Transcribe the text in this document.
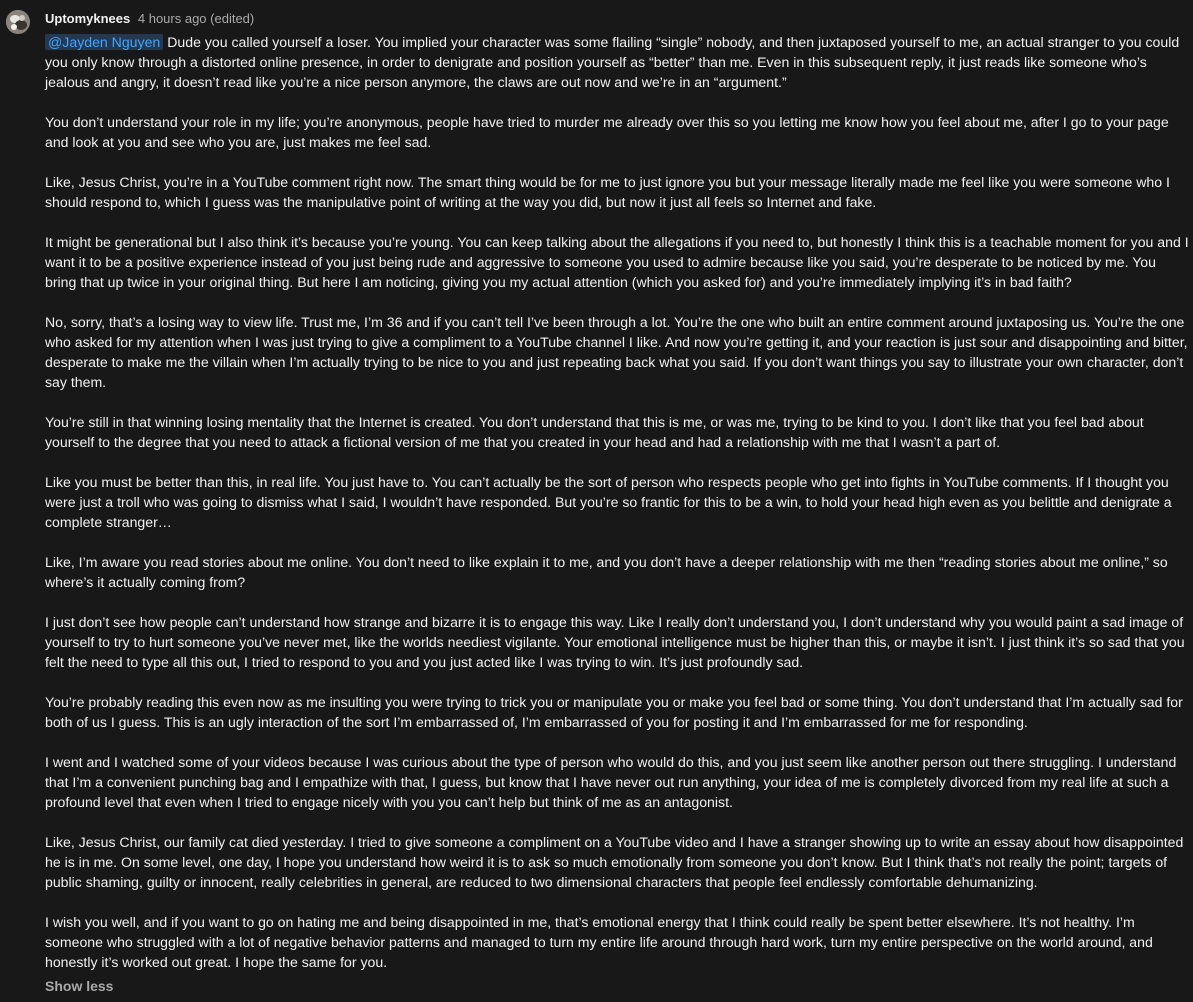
Uptomyknees 4 hours ago (edited)

@Jayden Nguyen Dude you called yourself a loser. You implied your character was some flailing “single” nobody, and then juxtaposed yourself to me, an actual stranger to you could you only know through a distorted online presence, in order to denigrate and position yourself as “better” than me. Even in this subsequent reply, it just reads like someone who’s jealous and angry, it doesn’t read like you’re a nice person anymore, the claws are out now and we’re in an “argument.”

You don’t understand your role in my life; you’re anonymous, people have tried to murder me already over this so you letting me know how you feel about me, after I go to your page and look at you and see who you are, just makes me feel sad.

Like, Jesus Christ, you’re in a YouTube comment right now. The smart thing would be for me to just ignore you but your message literally made me feel like you were someone who I should respond to, which I guess was the manipulative point of writing at the way you did, but now it just all feels so Internet and fake.

It might be generational but I also think it’s because you’re young. You can keep talking about the allegations if you need to, but honestly I think this is a teachable moment for you and I want it to be a positive experience instead of you just being rude and aggressive to someone you used to admire because like you said, you’re desperate to be noticed by me. You bring that up twice in your original thing. But here I am noticing, giving you my actual attention (which you asked for) and you’re immediately implying it’s in bad faith?

No, sorry, that’s a losing way to view life. Trust me, I’m 36 and if you can’t tell I’ve been through a lot. You’re the one who built an entire comment around juxtaposing us. You’re the one who asked for my attention when I was just trying to give a compliment to a YouTube channel I like. And now you’re getting it, and your reaction is just sour and disappointing and bitter, desperate to make me the villain when I’m actually trying to be nice to you and just repeating back what you said. If you don’t want things you say to illustrate your own character, don’t say them.

You’re still in that winning losing mentality that the Internet is created. You don’t understand that this is me, or was me, trying to be kind to you. I don’t like that you feel bad about yourself to the degree that you need to attack a fictional version of me that you created in your head and had a relationship with me that I wasn’t a part of.

Like you must be better than this, in real life. You just have to. You can’t actually be the sort of person who respects people who get into fights in YouTube comments. If I thought you were just a troll who was going to dismiss what I said, I wouldn’t have responded. But you’re so frantic for this to be a win, to hold your head high even as you belittle and denigrate a complete stranger…

Like, I’m aware you read stories about me online. You don’t need to like explain it to me, and you don’t have a deeper relationship with me then “reading stories about me online,” so where’s it actually coming from?

I just don’t see how people can’t understand how strange and bizarre it is to engage this way. Like I really don’t understand you, I don’t understand why you would paint a sad image of yourself to try to hurt someone you’ve never met, like the worlds neediest vigilante. Your emotional intelligence must be higher than this, or maybe it isn’t. I just think it’s so sad that you felt the need to type all this out, I tried to respond to you and you just acted like I was trying to win. It’s just profoundly sad.

You’re probably reading this even now as me insulting you were trying to trick you or manipulate you or make you feel bad or some thing. You don’t understand that I’m actually sad for both of us I guess. This is an ugly interaction of the sort I’m embarrassed of, I’m embarrassed of you for posting it and I’m embarrassed for me for responding.

I went and I watched some of your videos because I was curious about the type of person who would do this, and you just seem like another person out there struggling. I understand that I’m a convenient punching bag and I empathize with that, I guess, but know that I have never out run anything, your idea of me is completely divorced from my real life at such a profound level that even when I tried to engage nicely with you you can’t help but think of me as an antagonist.

Like, Jesus Christ, our family cat died yesterday. I tried to give someone a compliment on a YouTube video and I have a stranger showing up to write an essay about how disappointed he is in me. On some level, one day, I hope you understand how weird it is to ask so much emotionally from someone you don’t know. But I think that’s not really the point; targets of public shaming, guilty or innocent, really celebrities in general, are reduced to two dimensional characters that people feel endlessly comfortable dehumanizing.

I wish you well, and if you want to go on hating me and being disappointed in me, that’s emotional energy that I think could really be spent better elsewhere. It’s not healthy. I’m someone who struggled with a lot of negative behavior patterns and managed to turn my entire life around through hard work, turn my entire perspective on the world around, and honestly it’s worked out great. I hope the same for you.

Show less
